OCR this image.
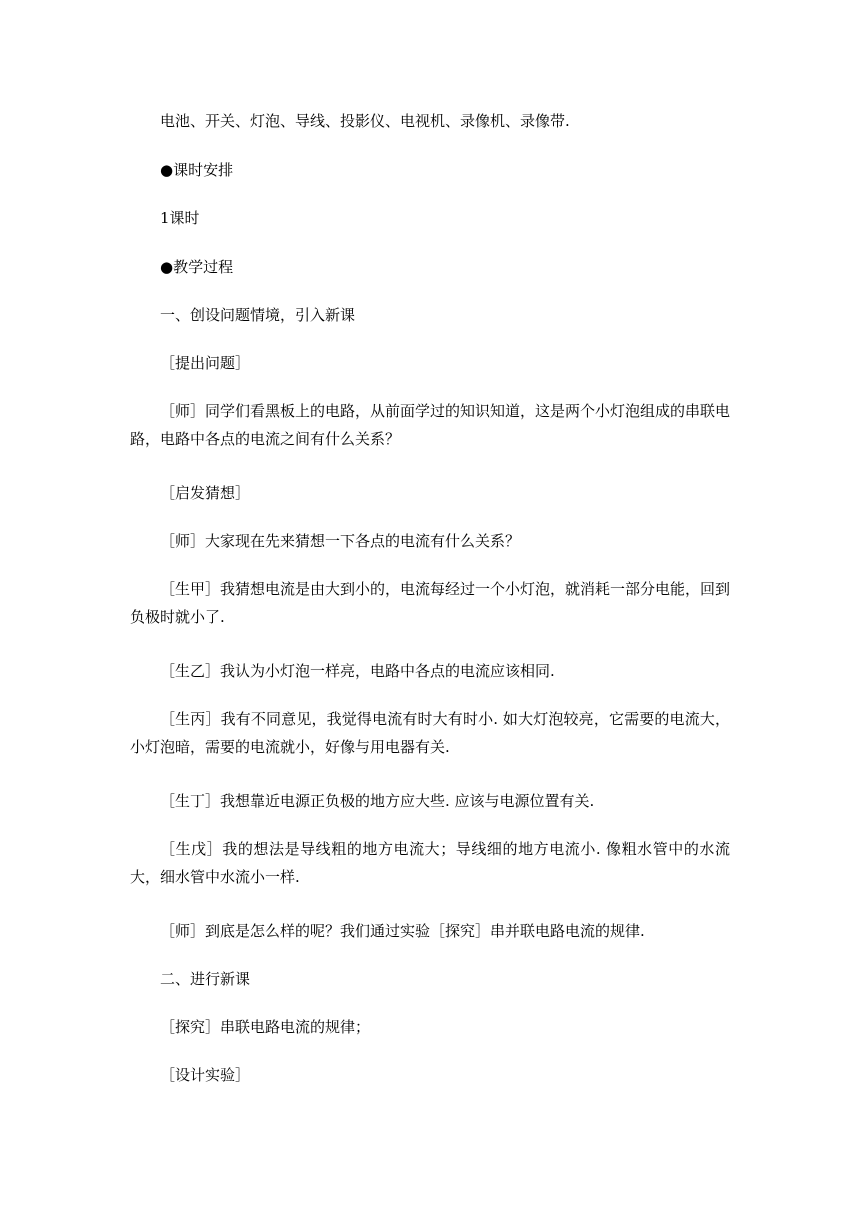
电池、开关、灯泡、导线、投影仪、电视机、录像机、录像带.
●课时安排
1课时
●教学过程
一、创设问题情境，引入新课
［提出问题］
［师］同学们看黑板上的电路，从前面学过的知识知道，这是两个小灯泡组成的串联电路，电路中各点的电流之间有什么关系？
［启发猜想］
［师］大家现在先来猜想一下各点的电流有什么关系？
［生甲］我猜想电流是由大到小的，电流每经过一个小灯泡，就消耗一部分电能，回到负极时就小了.
［生乙］我认为小灯泡一样亮，电路中各点的电流应该相同.
［生丙］我有不同意见，我觉得电流有时大有时小. 如大灯泡较亮，它需要的电流大，小灯泡暗，需要的电流就小，好像与用电器有关.
［生丁］我想靠近电源正负极的地方应大些. 应该与电源位置有关.
［生戊］我的想法是导线粗的地方电流大；导线细的地方电流小. 像粗水管中的水流大，细水管中水流小一样.
［师］到底是怎么样的呢？我们通过实验［探究］串并联电路电流的规律.
二、进行新课
［探究］串联电路电流的规律；
［设计实验］
